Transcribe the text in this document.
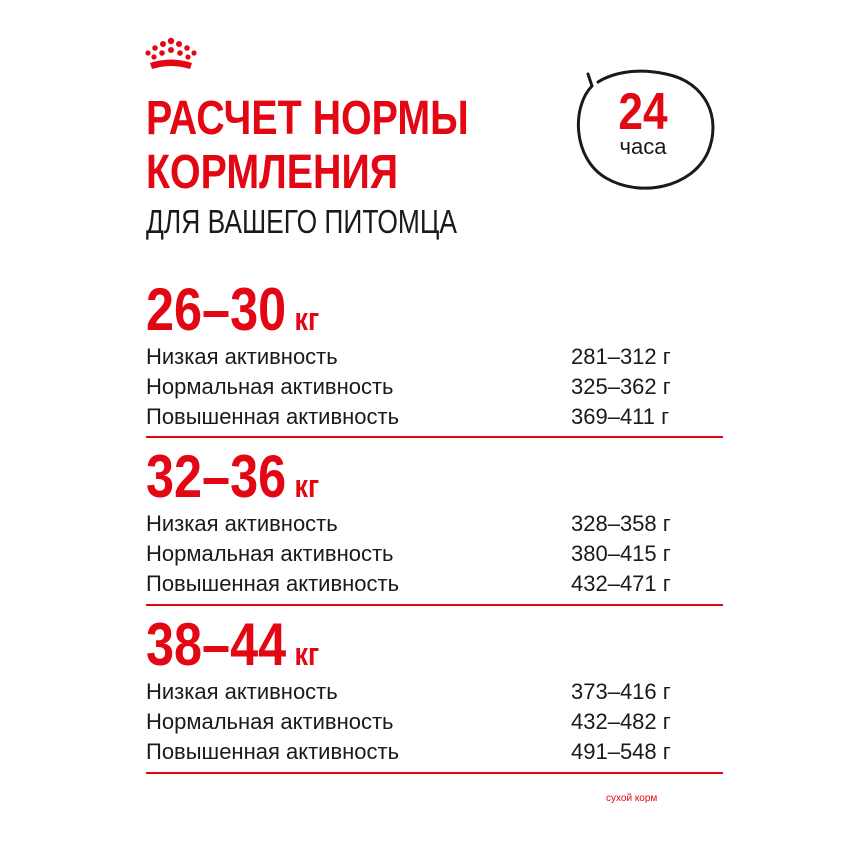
РАСЧЕТ НОРМЫ
КОРМЛЕНИЯ
ДЛЯ ВАШЕГО ПИТОМЦА
24
часа
26–30 кг
Низкая активность	281–312 г
Нормальная активность	325–362 г
Повышенная активность	369–411 г
32–36 кг
Низкая активность	328–358 г
Нормальная активность	380–415 г
Повышенная активность	432–471 г
38–44 кг
Низкая активность	373–416 г
Нормальная активность	432–482 г
Повышенная активность	491–548 г
сухой корм
